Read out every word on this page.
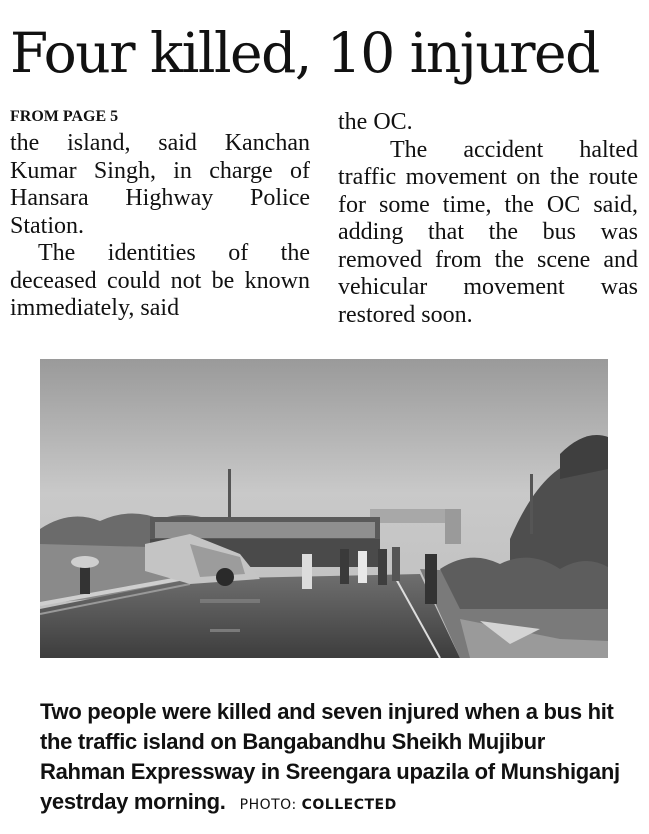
Four killed, 10 injured
FROM PAGE 5

the island, said Kanchan Kumar Singh, in charge of Hansara Highway Police Station.

The identities of the deceased could not be known immediately, said

the OC.

The accident halted traffic movement on the route for some time, the OC said, adding that the bus was removed from the scene and vehicular movement was restored soon.

Two people were killed and seven injured when a bus hit the traffic island on Bangabandhu Sheikh Mujibur Rahman Expressway in Sreengara upazila of Munshiganj yestrday morning. PHOTO: COLLECTED
